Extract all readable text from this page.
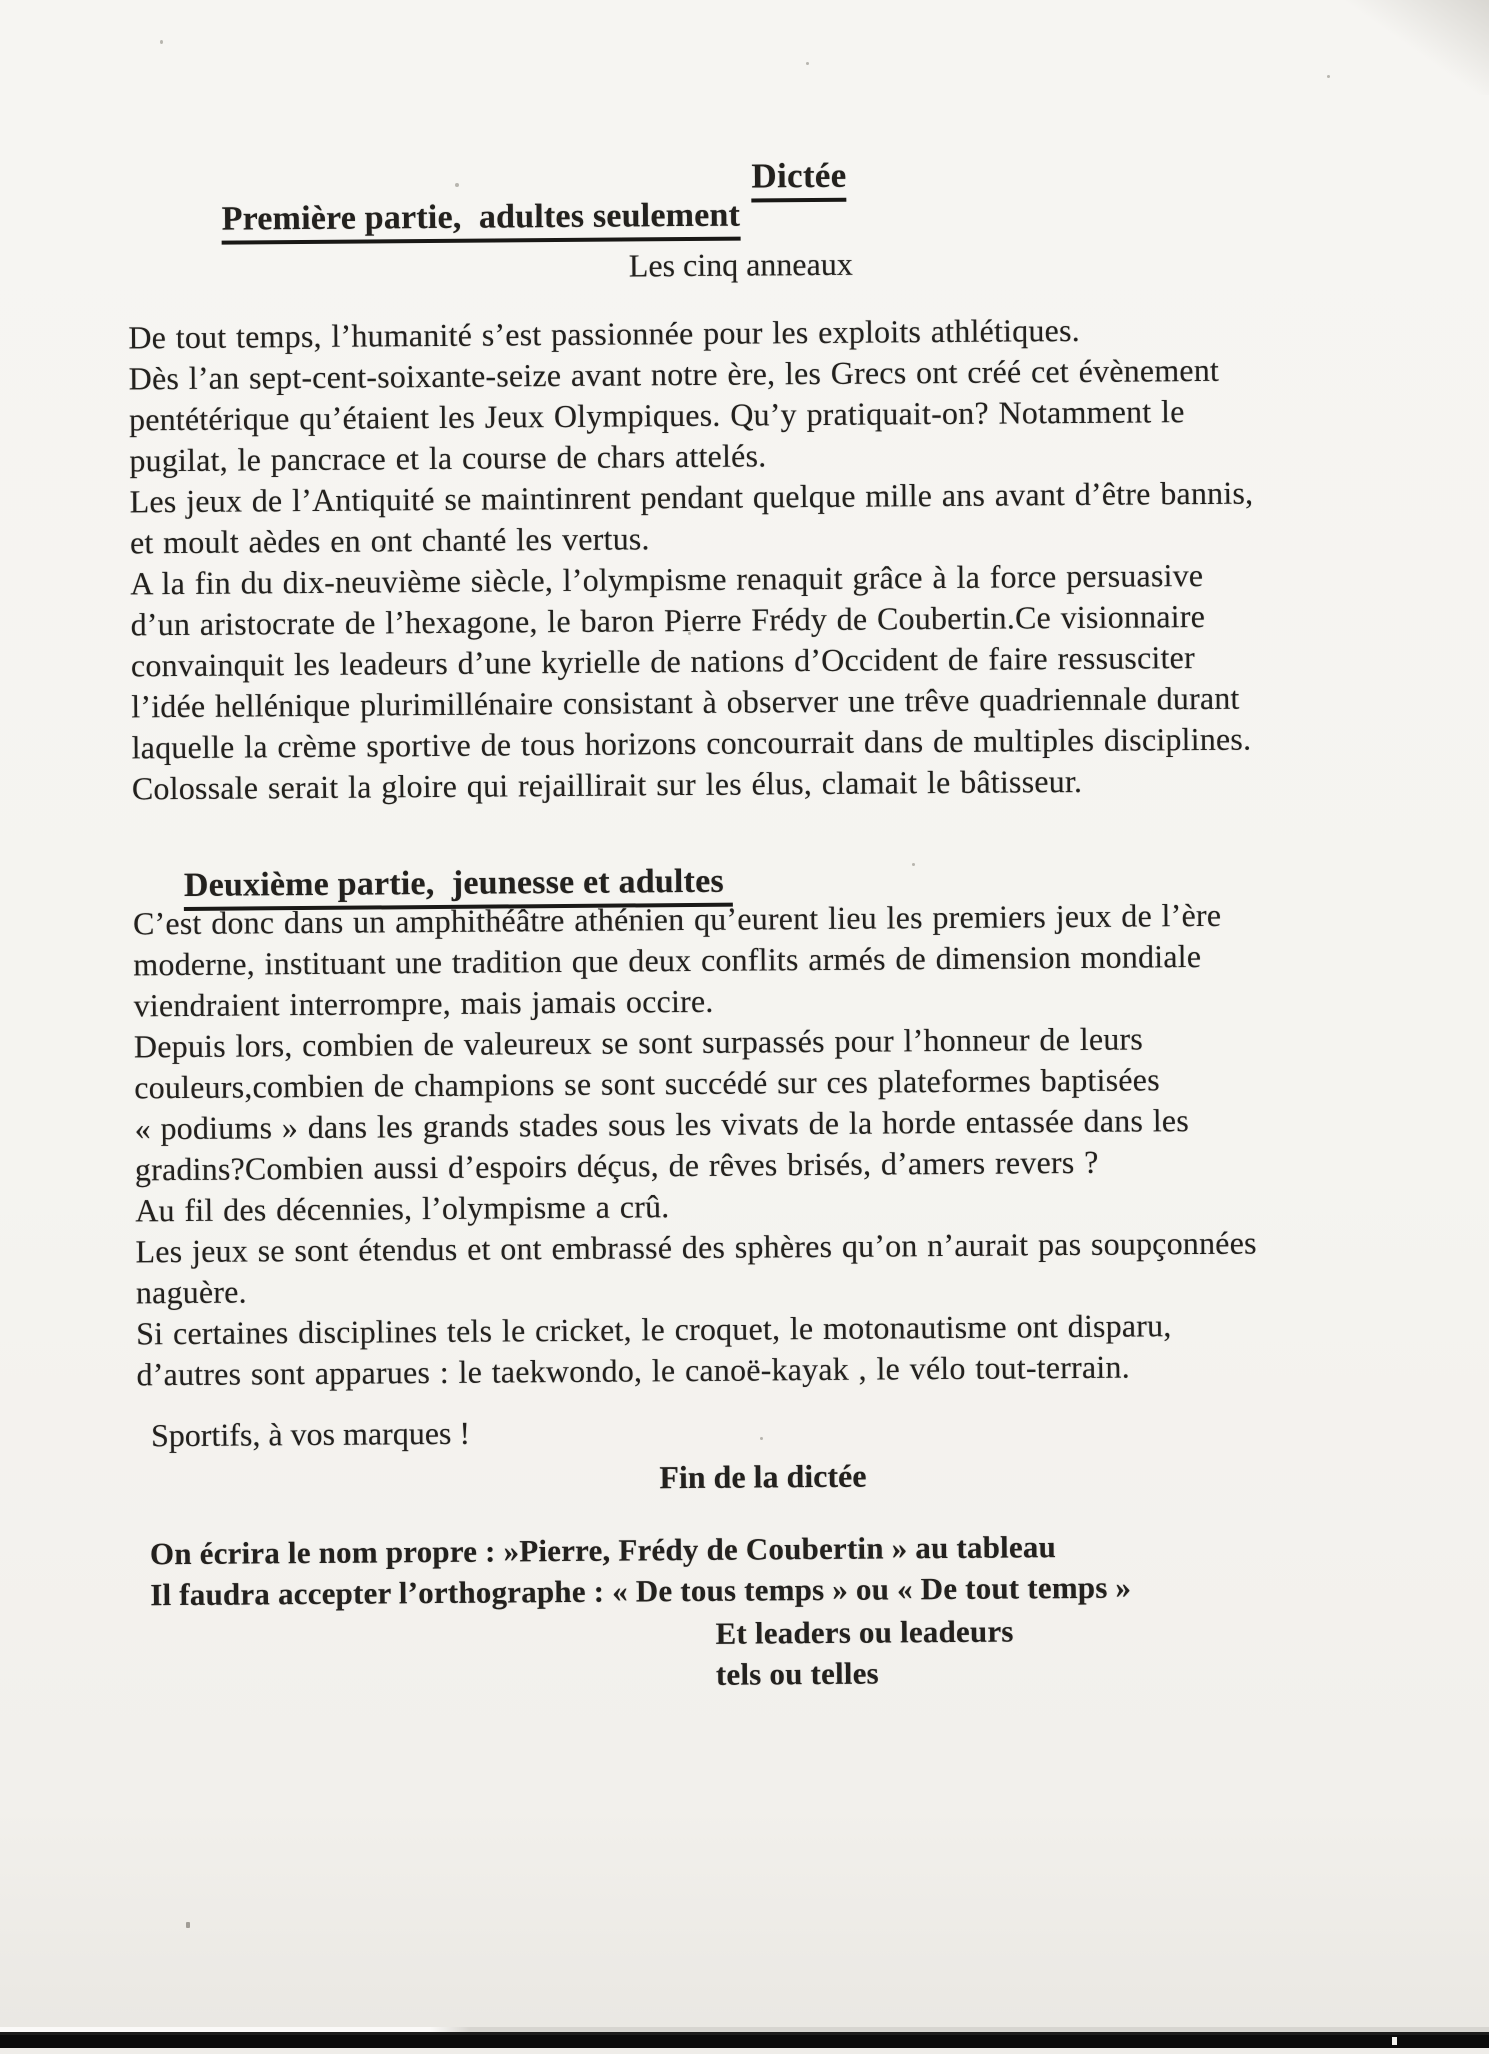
Dictée

Première partie,  adultes seulement

Les cinq anneaux
De tout temps, l’humanité s’est passionnée pour les exploits athlétiques.
Dès l’an sept-cent-soixante-seize avant notre ère, les Grecs ont créé cet évènement
pentétérique qu’étaient les Jeux Olympiques. Qu’y pratiquait-on? Notamment le
pugilat, le pancrace et la course de chars attelés.
Les jeux de l’Antiquité se maintinrent pendant quelque mille ans avant d’être bannis,
et moult aèdes en ont chanté les vertus.
A la fin du dix-neuvième siècle, l’olympisme renaquit grâce à la force persuasive
d’un aristocrate de l’hexagone, le baron Pierre Frédy de Coubertin.Ce visionnaire
convainquit les leadeurs d’une kyrielle de nations d’Occident de faire ressusciter
l’idée hellénique plurimillénaire consistant à observer une trêve quadriennale durant
laquelle la crème sportive de tous horizons concourrait dans de multiples disciplines.
Colossale serait la gloire qui rejaillirait sur les élus, clamait le bâtisseur.

Deuxième partie,  jeunesse et adultes

C’est donc dans un amphithéâtre athénien qu’eurent lieu les premiers jeux de l’ère
moderne, instituant une tradition que deux conflits armés de dimension mondiale
viendraient interrompre, mais jamais occire.
Depuis lors, combien de valeureux se sont surpassés pour l’honneur de leurs
couleurs,combien de champions se sont succédé sur ces plateformes baptisées
« podiums » dans les grands stades sous les vivats de la horde entassée dans les
gradins?Combien aussi d’espoirs déçus, de rêves brisés, d’amers revers ?
Au fil des décennies, l’olympisme a crû.
Les jeux se sont étendus et ont embrassé des sphères qu’on n’aurait pas soupçonnées
naguère.
Si certaines disciplines tels le cricket, le croquet, le motonautisme ont disparu,
d’autres sont apparues : le taekwondo, le canoë-kayak , le vélo tout-terrain.
Sportifs, à vos marques !
Fin de la dictée
On écrira le nom propre : »Pierre, Frédy de Coubertin » au tableau
Il faudra accepter l’orthographe : « De tous temps » ou « De tout temps »
Et leaders ou leadeurs
tels ou telles
